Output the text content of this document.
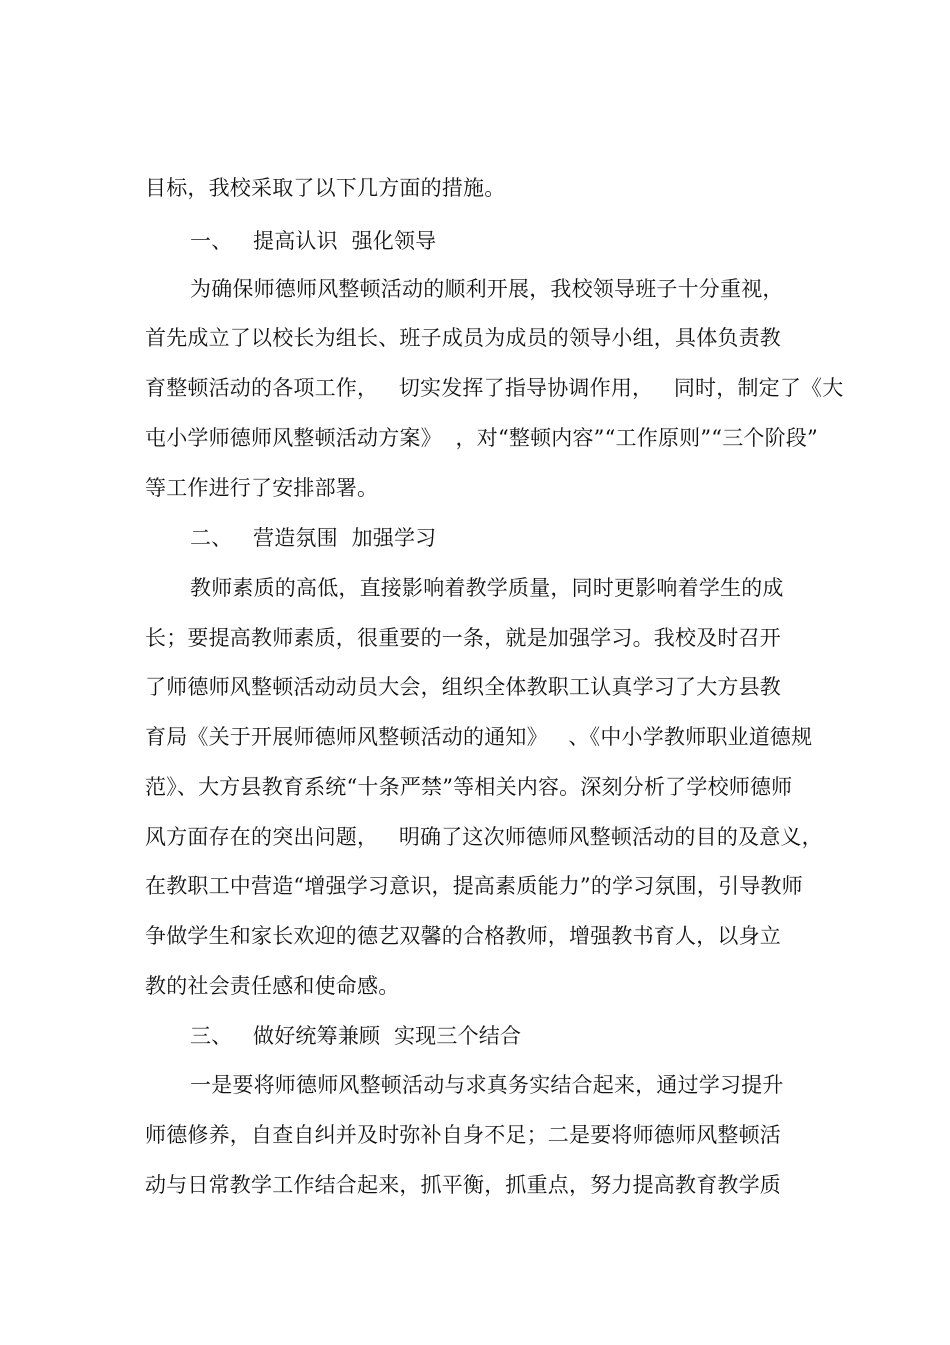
目标，我校采取了以下几方面的措施。
一、   提高认识  强化领导
为确保师德师风整顿活动的顺利开展，我校领导班子十分重视，
首先成立了以校长为组长、班子成员为成员的领导小组，具体负责教
育整顿活动的各项工作，   切实发挥了指导协调作用，   同时，制定了《大
屯小学师德师风整顿活动方案》  ，对“整顿内容”“工作原则”“三个阶段”
等工作进行了安排部署。
二、   营造氛围  加强学习
教师素质的高低，直接影响着教学质量，同时更影响着学生的成
长；要提高教师素质，很重要的一条，就是加强学习。我校及时召开
了师德师风整顿活动动员大会，组织全体教职工认真学习了大方县教
育局《关于开展师德师风整顿活动的通知》   、《中小学教师职业道德规
范》、大方县教育系统“十条严禁”等相关内容。深刻分析了学校师德师
风方面存在的突出问题，   明确了这次师德师风整顿活动的目的及意义，
在教职工中营造“增强学习意识，提高素质能力”的学习氛围，引导教师
争做学生和家长欢迎的德艺双馨的合格教师，增强教书育人，以身立
教的社会责任感和使命感。
三、   做好统筹兼顾  实现三个结合
一是要将师德师风整顿活动与求真务实结合起来，通过学习提升
师德修养，自查自纠并及时弥补自身不足；二是要将师德师风整顿活
动与日常教学工作结合起来，抓平衡，抓重点，努力提高教育教学质
